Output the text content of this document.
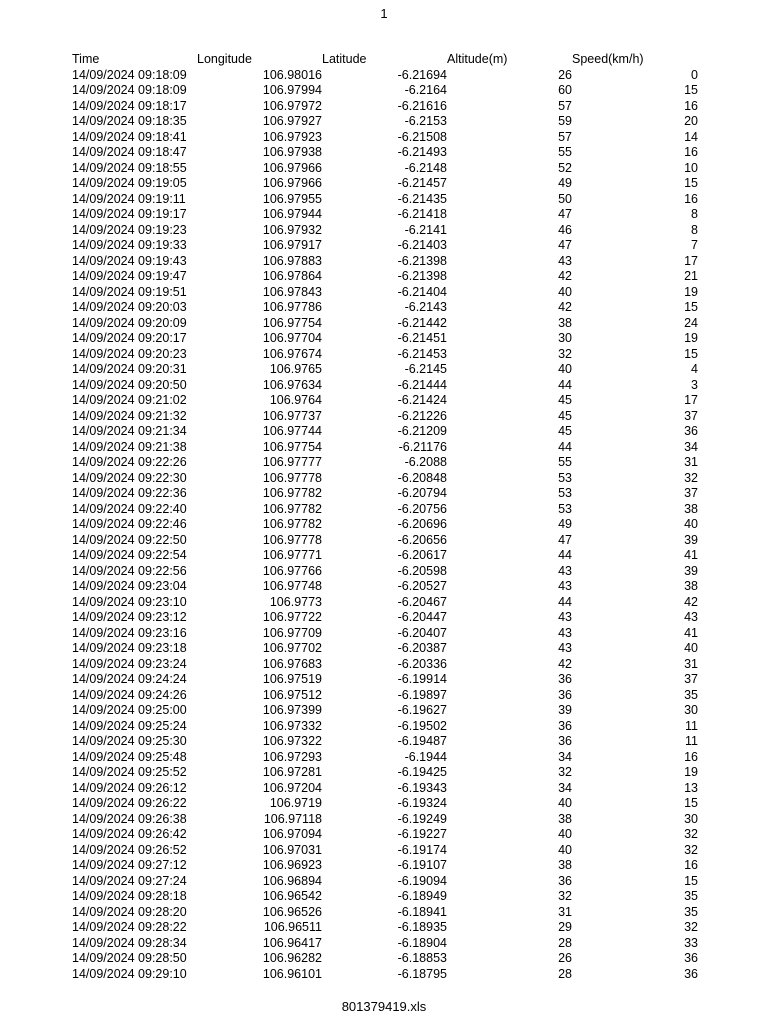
1
Time	Longitude	Latitude	Altitude(m)	Speed(km/h)
14/09/2024 09:18:09	106.98016	-6.21694	26	0
14/09/2024 09:18:09	106.97994	-6.2164	60	15
14/09/2024 09:18:17	106.97972	-6.21616	57	16
14/09/2024 09:18:35	106.97927	-6.2153	59	20
14/09/2024 09:18:41	106.97923	-6.21508	57	14
14/09/2024 09:18:47	106.97938	-6.21493	55	16
14/09/2024 09:18:55	106.97966	-6.2148	52	10
14/09/2024 09:19:05	106.97966	-6.21457	49	15
14/09/2024 09:19:11	106.97955	-6.21435	50	16
14/09/2024 09:19:17	106.97944	-6.21418	47	8
14/09/2024 09:19:23	106.97932	-6.2141	46	8
14/09/2024 09:19:33	106.97917	-6.21403	47	7
14/09/2024 09:19:43	106.97883	-6.21398	43	17
14/09/2024 09:19:47	106.97864	-6.21398	42	21
14/09/2024 09:19:51	106.97843	-6.21404	40	19
14/09/2024 09:20:03	106.97786	-6.2143	42	15
14/09/2024 09:20:09	106.97754	-6.21442	38	24
14/09/2024 09:20:17	106.97704	-6.21451	30	19
14/09/2024 09:20:23	106.97674	-6.21453	32	15
14/09/2024 09:20:31	106.9765	-6.2145	40	4
14/09/2024 09:20:50	106.97634	-6.21444	44	3
14/09/2024 09:21:02	106.9764	-6.21424	45	17
14/09/2024 09:21:32	106.97737	-6.21226	45	37
14/09/2024 09:21:34	106.97744	-6.21209	45	36
14/09/2024 09:21:38	106.97754	-6.21176	44	34
14/09/2024 09:22:26	106.97777	-6.2088	55	31
14/09/2024 09:22:30	106.97778	-6.20848	53	32
14/09/2024 09:22:36	106.97782	-6.20794	53	37
14/09/2024 09:22:40	106.97782	-6.20756	53	38
14/09/2024 09:22:46	106.97782	-6.20696	49	40
14/09/2024 09:22:50	106.97778	-6.20656	47	39
14/09/2024 09:22:54	106.97771	-6.20617	44	41
14/09/2024 09:22:56	106.97766	-6.20598	43	39
14/09/2024 09:23:04	106.97748	-6.20527	43	38
14/09/2024 09:23:10	106.9773	-6.20467	44	42
14/09/2024 09:23:12	106.97722	-6.20447	43	43
14/09/2024 09:23:16	106.97709	-6.20407	43	41
14/09/2024 09:23:18	106.97702	-6.20387	43	40
14/09/2024 09:23:24	106.97683	-6.20336	42	31
14/09/2024 09:24:24	106.97519	-6.19914	36	37
14/09/2024 09:24:26	106.97512	-6.19897	36	35
14/09/2024 09:25:00	106.97399	-6.19627	39	30
14/09/2024 09:25:24	106.97332	-6.19502	36	11
14/09/2024 09:25:30	106.97322	-6.19487	36	11
14/09/2024 09:25:48	106.97293	-6.1944	34	16
14/09/2024 09:25:52	106.97281	-6.19425	32	19
14/09/2024 09:26:12	106.97204	-6.19343	34	13
14/09/2024 09:26:22	106.9719	-6.19324	40	15
14/09/2024 09:26:38	106.97118	-6.19249	38	30
14/09/2024 09:26:42	106.97094	-6.19227	40	32
14/09/2024 09:26:52	106.97031	-6.19174	40	32
14/09/2024 09:27:12	106.96923	-6.19107	38	16
14/09/2024 09:27:24	106.96894	-6.19094	36	15
14/09/2024 09:28:18	106.96542	-6.18949	32	35
14/09/2024 09:28:20	106.96526	-6.18941	31	35
14/09/2024 09:28:22	106.96511	-6.18935	29	32
14/09/2024 09:28:34	106.96417	-6.18904	28	33
14/09/2024 09:28:50	106.96282	-6.18853	26	36
14/09/2024 09:29:10	106.96101	-6.18795	28	36
801379419.xls
